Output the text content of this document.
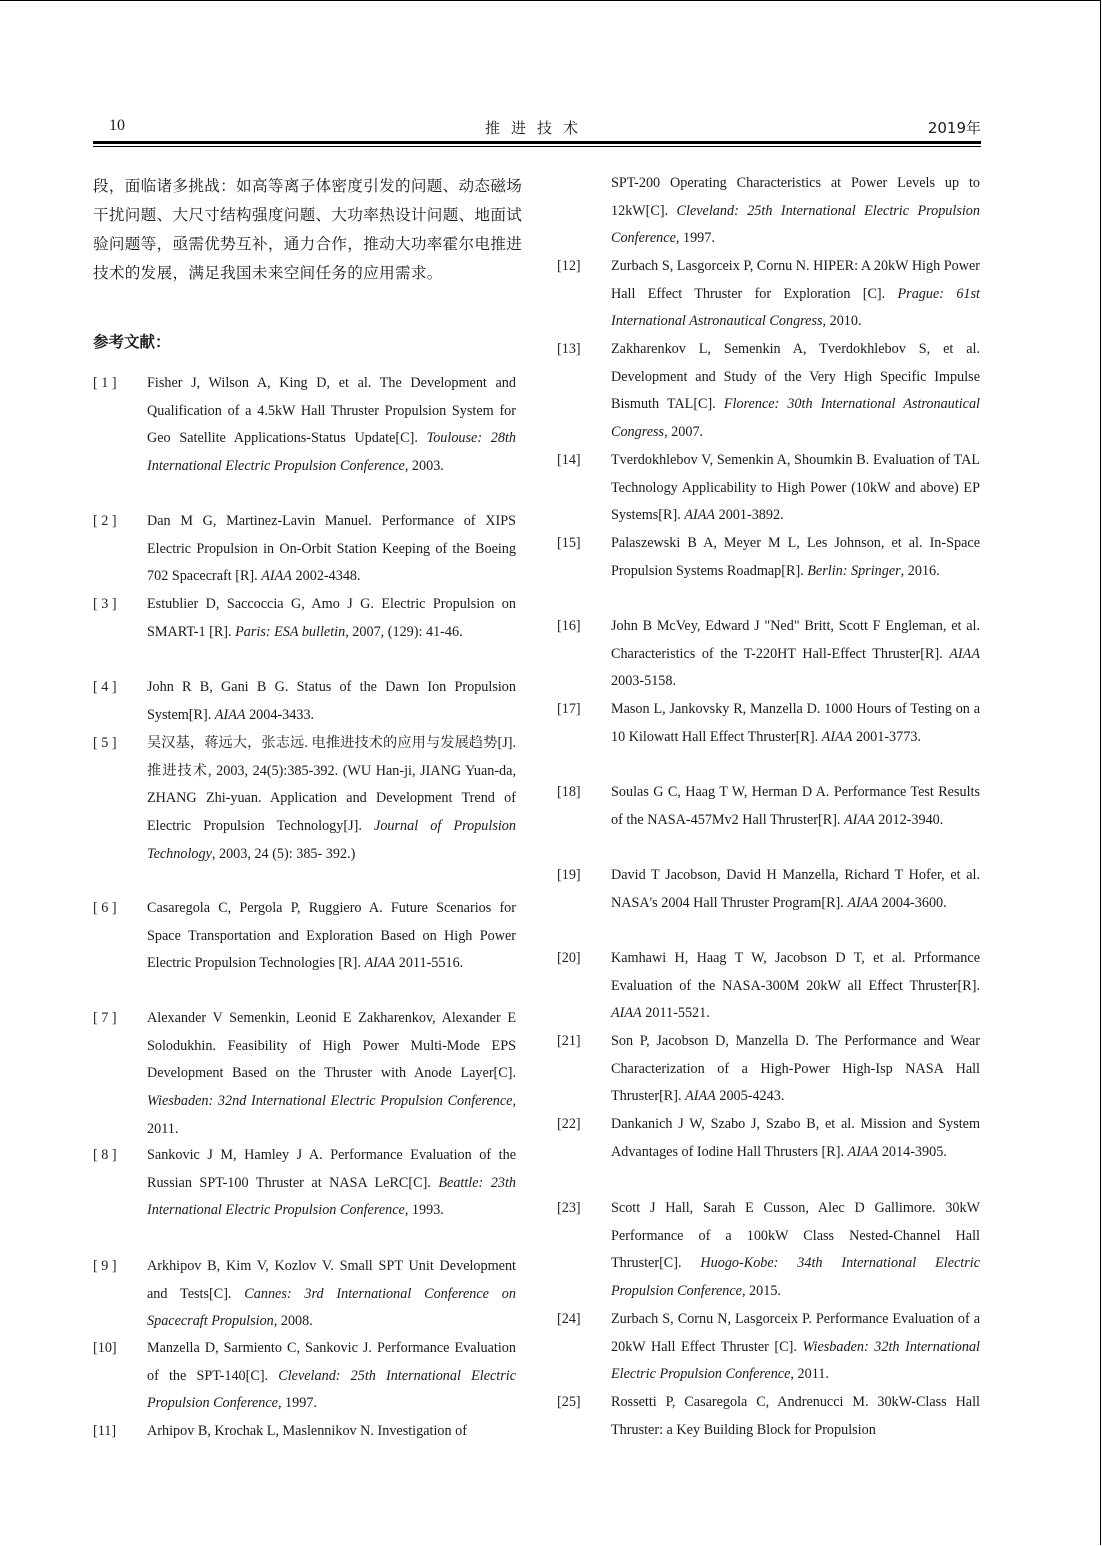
10	推进技术	2019年

段，面临诸多挑战：如高等离子体密度引发的问题、动态磁场干扰问题、大尺寸结构强度问题、大功率热设计问题、地面试验问题等，亟需优势互补，通力合作，推动大功率霍尔电推进技术的发展，满足我国未来空间任务的应用需求。

参考文献：
[ 1 ]	Fisher J, Wilson A, King D, et al. The Development and Qualification of a 4.5kW Hall Thruster Propulsion System for Geo Satellite Applications-Status Update[C]. Toulouse: 28th International Electric Propulsion Conference, 2003.
[ 2 ]	Dan M G, Martinez-Lavin Manuel. Performance of XIPS Electric Propulsion in On-Orbit Station Keeping of the Boeing 702 Spacecraft [R]. AIAA 2002-4348.
[ 3 ]	Estublier D, Saccoccia G, Amo J G. Electric Propulsion on SMART-1 [R]. Paris: ESA bulletin, 2007, (129): 41-46.
[ 4 ]	John R B, Gani B G. Status of the Dawn Ion Propulsion System[R]. AIAA 2004-3433.
[ 5 ]	吴汉基，蒋远大，张志远. 电推进技术的应用与发展趋势[J]. 推进技术, 2003, 24(5):385-392. (WU Han-ji, JIANG Yuan-da, ZHANG Zhi-yuan. Application and Development Trend of Electric Propulsion Technology[J]. Journal of Propulsion Technology, 2003, 24 (5): 385- 392.)
[ 6 ]	Casaregola C, Pergola P, Ruggiero A. Future Scenarios for Space Transportation and Exploration Based on High Power Electric Propulsion Technologies [R]. AIAA 2011-5516.
[ 7 ]	Alexander V Semenkin, Leonid E Zakharenkov, Alexander E Solodukhin. Feasibility of High Power Multi-Mode EPS Development Based on the Thruster with Anode Layer[C]. Wiesbaden: 32nd International Electric Propulsion Conference, 2011.
[ 8 ]	Sankovic J M, Hamley J A. Performance Evaluation of the Russian SPT-100 Thruster at NASA LeRC[C]. Beattle: 23th International Electric Propulsion Conference, 1993.
[ 9 ]	Arkhipov B, Kim V, Kozlov V. Small SPT Unit Development and Tests[C]. Cannes: 3rd International Conference on Spacecraft Propulsion, 2008.
[10]	Manzella D, Sarmiento C, Sankovic J. Performance Evaluation of the SPT-140[C]. Cleveland: 25th International Electric Propulsion Conference, 1997.
[11]	Arhipov B, Krochak L, Maslennikov N. Investigation of

SPT-200 Operating Characteristics at Power Levels up to 12kW[C]. Cleveland: 25th International Electric Propulsion Conference, 1997.
[12]	Zurbach S, Lasgorceix P, Cornu N. HIPER: A 20kW High Power Hall Effect Thruster for Exploration [C]. Prague: 61st International Astronautical Congress, 2010.
[13]	Zakharenkov L, Semenkin A, Tverdokhlebov S, et al. Development and Study of the Very High Specific Impulse Bismuth TAL[C]. Florence: 30th International Astronautical Congress, 2007.
[14]	Tverdokhlebov V, Semenkin A, Shoumkin B. Evaluation of TAL Technology Applicability to High Power (10kW and above) EP Systems[R]. AIAA 2001-3892.
[15]	Palaszewski B A, Meyer M L, Les Johnson, et al. In-Space Propulsion Systems Roadmap[R]. Berlin: Springer, 2016.
[16]	John B McVey, Edward J "Ned" Britt, Scott F Engleman, et al. Characteristics of the T-220HT Hall-Effect Thruster[R]. AIAA 2003-5158.
[17]	Mason L, Jankovsky R, Manzella D. 1000 Hours of Testing on a 10 Kilowatt Hall Effect Thruster[R]. AIAA 2001-3773.
[18]	Soulas G C, Haag T W, Herman D A. Performance Test Results of the NASA-457Mv2 Hall Thruster[R]. AIAA 2012-3940.
[19]	David T Jacobson, David H Manzella, Richard T Hofer, et al. NASA's 2004 Hall Thruster Program[R]. AIAA 2004-3600.
[20]	Kamhawi H, Haag T W, Jacobson D T, et al. Prformance Evaluation of the NASA-300M 20kW all Effect Thruster[R]. AIAA 2011-5521.
[21]	Son P, Jacobson D, Manzella D. The Performance and Wear Characterization of a High-Power High-Isp NASA Hall Thruster[R]. AIAA 2005-4243.
[22]	Dankanich J W, Szabo J, Szabo B, et al. Mission and System Advantages of Iodine Hall Thrusters [R]. AIAA 2014-3905.
[23]	Scott J Hall, Sarah E Cusson, Alec D Gallimore. 30kW Performance of a 100kW Class Nested-Channel Hall Thruster[C]. Huogo-Kobe: 34th International Electric Propulsion Conference, 2015.
[24]	Zurbach S, Cornu N, Lasgorceix P. Performance Evaluation of a 20kW Hall Effect Thruster [C]. Wiesbaden: 32th International Electric Propulsion Conference, 2011.
[25]	Rossetti P, Casaregola C, Andrenucci M. 30kW-Class Hall Thruster: a Key Building Block for Propulsion
